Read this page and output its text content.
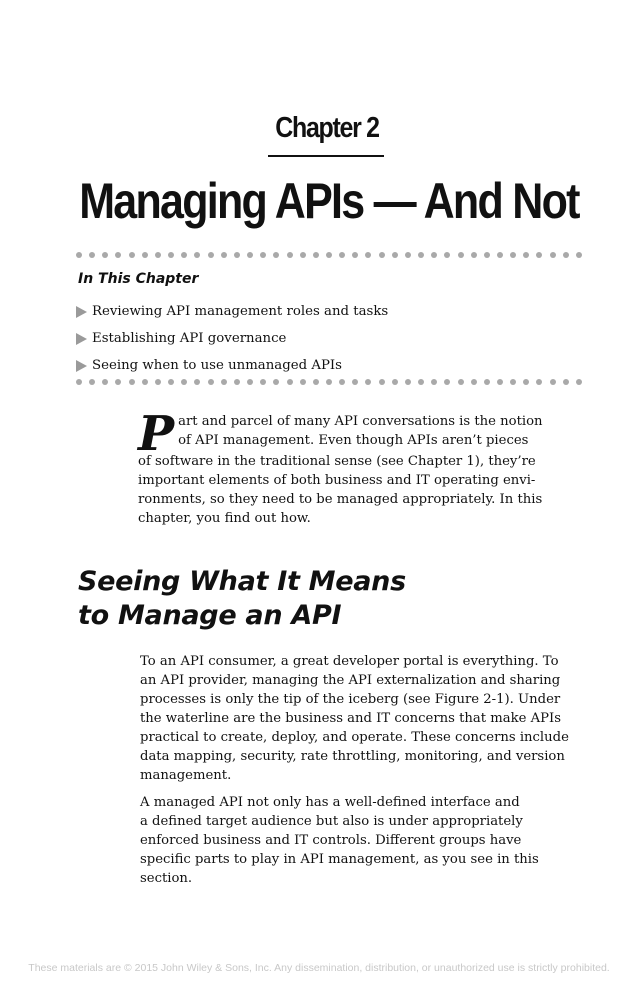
Chapter 2
Managing APIs — And Not
In This Chapter
Reviewing API management roles and tasks
Establishing API governance
Seeing when to use unmanaged APIs
P art and parcel of many API conversations is the notion
of API management. Even though APIs aren’t pieces
of software in the traditional sense (see Chapter 1), they’re
important elements of both business and IT operating envi-
ronments, so they need to be managed appropriately. In this
chapter, you find out how.
Seeing What It Means
to Manage an API
To an API consumer, a great developer portal is everything. To
an API provider, managing the API externalization and sharing
processes is only the tip of the iceberg (see Figure 2-1). Under
the waterline are the business and IT concerns that make APIs
practical to create, deploy, and operate. These concerns include
data mapping, security, rate throttling, monitoring, and version
management.
A managed API not only has a well-defined interface and
a defined target audience but also is under appropriately
enforced business and IT controls. Different groups have
specific parts to play in API management, as you see in this
section.
These materials are © 2015 John Wiley & Sons, Inc. Any dissemination, distribution, or unauthorized use is strictly prohibited.
